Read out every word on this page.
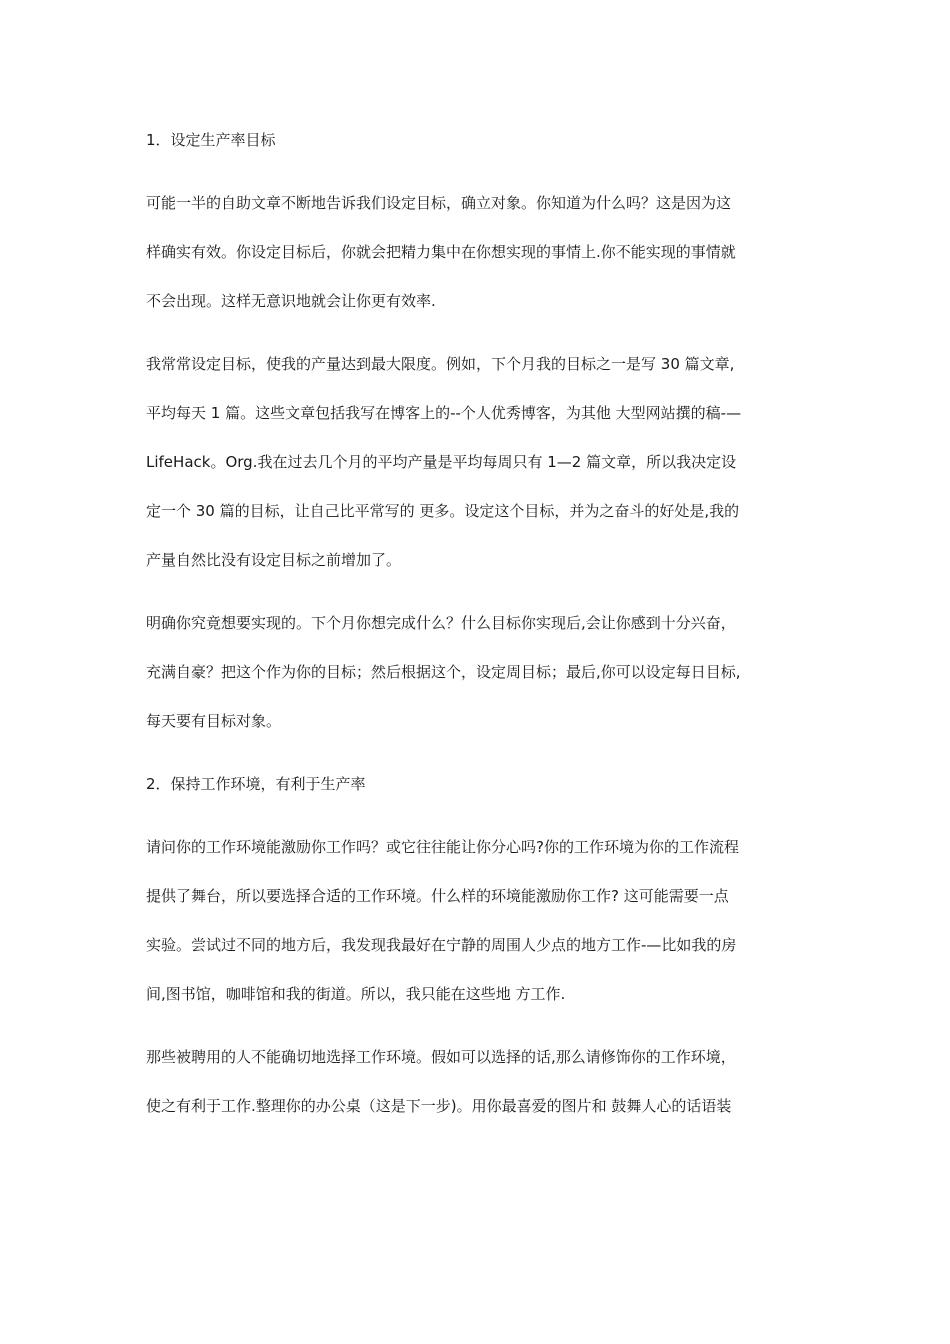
1．设定生产率目标

可能一半的自助文章不断地告诉我们设定目标，确立对象。你知道为什么吗？这是因为这
样确实有效。你设定目标后，你就会把精力集中在你想实现的事情上.你不能实现的事情就
不会出现。这样无意识地就会让你更有效率.

我常常设定目标，使我的产量达到最大限度。例如，下个月我的目标之一是写 30 篇文章,
平均每天 1 篇。这些文章包括我写在博客上的--个人优秀博客，为其他 大型网站撰的稿-—
LifeHack。Org.我在过去几个月的平均产量是平均每周只有 1—2 篇文章，所以我决定设
定一个 30 篇的目标，让自己比平常写的 更多。设定这个目标，并为之奋斗的好处是,我的
产量自然比没有设定目标之前增加了。

明确你究竟想要实现的。下个月你想完成什么？什么目标你实现后,会让你感到十分兴奋，
充满自豪？把这个作为你的目标；然后根据这个，设定周目标；最后,你可以设定每日目标,
每天要有目标对象。

2．保持工作环境，有利于生产率

请问你的工作环境能激励你工作吗？或它往往能让你分心吗?你的工作环境为你的工作流程
提供了舞台，所以要选择合适的工作环境。什么样的环境能激励你工作? 这可能需要一点
实验。尝试过不同的地方后，我发现我最好在宁静的周围人少点的地方工作-—比如我的房
间,图书馆，咖啡馆和我的街道。所以，我只能在这些地 方工作.

那些被聘用的人不能确切地选择工作环境。假如可以选择的话,那么请修饰你的工作环境，
使之有利于工作.整理你的办公桌（这是下一步)。用你最喜爱的图片和 鼓舞人心的话语装
